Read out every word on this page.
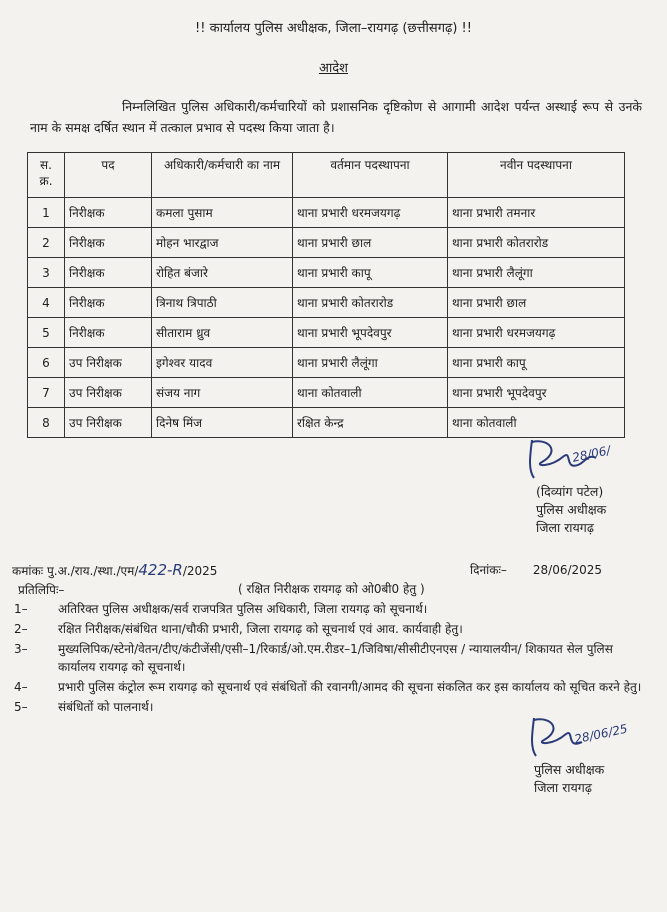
!! कार्यालय पुलिस अधीक्षक, जिला–रायगढ़ (छत्तीसगढ़) !!
आदेश
निम्नलिखित पुलिस अधिकारी/कर्मचारियों को प्रशासनिक दृष्टिकोण से आगामी आदेश पर्यन्त अस्थाई रूप से उनके नाम के समक्ष दर्षित स्थान में तत्काल प्रभाव से पदस्थ किया जाता है।
स. क्र.	पद	अधिकारी/कर्मचारी का नाम	वर्तमान पदस्थापना	नवीन पदस्थापना
1	निरीक्षक	कमला पुसाम	थाना प्रभारी धरमजयगढ़	थाना प्रभारी तमनार
2	निरीक्षक	मोहन भारद्वाज	थाना प्रभारी छाल	थाना प्रभारी कोतरारोड
3	निरीक्षक	रोहित बंजारे	थाना प्रभारी कापू	थाना प्रभारी लैलूंगा
4	निरीक्षक	त्रिनाथ त्रिपाठी	थाना प्रभारी कोतरारोड	थाना प्रभारी छाल
5	निरीक्षक	सीताराम ध्रुव	थाना प्रभारी भूपदेवपुर	थाना प्रभारी धरमजयगढ़
6	उप निरीक्षक	इगेश्वर यादव	थाना प्रभारी लैलूंगा	थाना प्रभारी कापू
7	उप निरीक्षक	संजय नाग	थाना कोतवाली	थाना प्रभारी भूपदेवपुर
8	उप निरीक्षक	दिनेष मिंज	रक्षित केन्द्र	थाना कोतवाली
28/06/
(दिव्यांग पटेल)
पुलिस अधीक्षक
जिला रायगढ़
कमांकः पु.अ./राय./स्था./एम/422-R/2025	दिनांकः– 28/06/2025
प्रतिलिपिः–	( रक्षित निरीक्षक रायगढ़ को ओ0बी0 हेतु )
1–	अतिरिक्त पुलिस अधीक्षक/सर्व राजपत्रित पुलिस अधिकारी, जिला रायगढ़ को सूचनार्थ।
2–	रक्षित निरीक्षक/संबंधित थाना/चौकी प्रभारी, जिला रायगढ़ को सूचनार्थ एवं आव. कार्यवाही हेतु।
3–	मुख्यलिपिक/स्टेनो/वेतन/टीए/कंटीजेंसी/एसी–1/रिकार्ड/ओ.एम.रीडर–1/जिविषा/सीसीटीएनएस / न्यायालयीन/ शिकायत सेल पुलिस कार्यालय रायगढ़ को सूचनार्थ।
4–	प्रभारी पुलिस कंट्रोल रूम रायगढ़ को सूचनार्थ एवं संबंधितों की रवानगी/आमद की सूचना संकलित कर इस कार्यालय को सूचित करने हेतु।
5–	संबंधितों को पालनार्थ।
28/06/25
पुलिस अधीक्षक
जिला रायगढ़
